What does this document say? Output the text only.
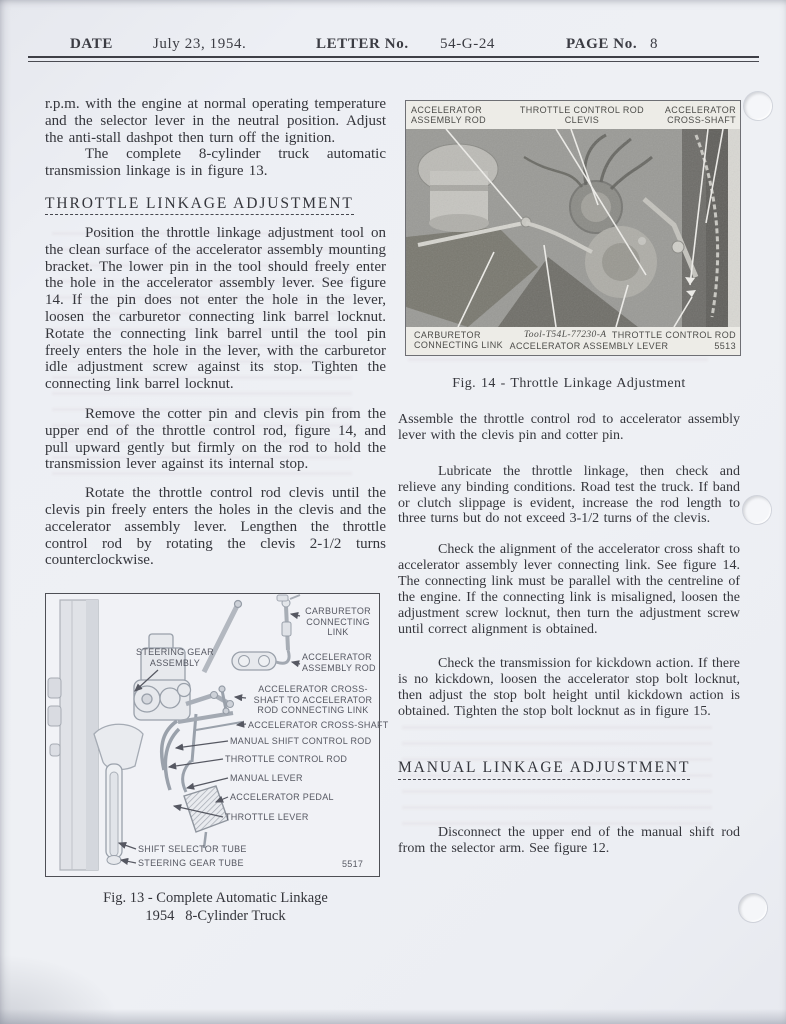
DATE	July 23, 1954.	LETTER No. 54-G-24	PAGE No. 8

r.p.m. with the engine at normal operating temperature and the selector lever in the neutral position. Adjust the anti-stall dashpot then turn off the ignition.

The complete 8-cylinder truck automatic transmission linkage is in figure 13.

THROTTLE LINKAGE ADJUSTMENT

Position the throttle linkage adjustment tool on the clean surface of the accelerator assembly mounting bracket. The lower pin in the tool should freely enter the hole in the accelerator assembly lever. See figure 14. If the pin does not enter the hole in the lever, loosen the carburetor connecting link barrel locknut. Rotate the connecting link barrel until the tool pin freely enters the hole in the lever, with the carburetor idle adjustment screw against its stop. Tighten the connecting link barrel locknut.

Remove the cotter pin and clevis pin from the upper end of the throttle control rod, figure 14, and pull upward gently but firmly on the rod to hold the transmission lever against its internal stop.

Rotate the throttle control rod clevis until the clevis pin freely enters the holes in the clevis and the accelerator assembly lever. Lengthen the throttle control rod by rotating the clevis 2-1/2 turns counterclockwise.

CARBURETOR CONNECTING LINK
STEERING GEAR ASSEMBLY
ACCELERATOR ASSEMBLY ROD
ACCELERATOR CROSS-SHAFT TO ACCELERATOR ROD CONNECTING LINK
ACCELERATOR CROSS-SHAFT
MANUAL SHIFT CONTROL ROD
THROTTLE CONTROL ROD
MANUAL LEVER
ACCELERATOR PEDAL
THROTTLE LEVER
SHIFT SELECTOR TUBE
STEERING GEAR TUBE	5517
Fig. 13 - Complete Automatic Linkage
1954   8-Cylinder Truck
ACCELERATOR ASSEMBLY ROD
THROTTLE CONTROL ROD CLEVIS
ACCELERATOR CROSS-SHAFT
CARBURETOR CONNECTING LINK
Tool-T54L-77230-A
ACCELERATOR ASSEMBLY LEVER
THROTTLE CONTROL ROD
5513

Fig. 14 - Throttle Linkage Adjustment

Assemble the throttle control rod to accelerator assembly lever with the clevis pin and cotter pin.

Lubricate the throttle linkage, then check and relieve any binding conditions. Road test the truck. If band or clutch slippage is evident, increase the rod length to three turns but do not exceed 3-1/2 turns of the clevis.

Check the alignment of the accelerator cross shaft to accelerator assembly lever connecting link. See figure 14. The connecting link must be parallel with the centreline of the engine. If the connecting link is misaligned, loosen the adjustment screw locknut, then turn the adjustment screw until correct alignment is obtained.

Check the transmission for kickdown action. If there is no kickdown, loosen the accelerator stop bolt locknut, then adjust the stop bolt height until kickdown action is obtained. Tighten the stop bolt locknut as in figure 15.

MANUAL LINKAGE ADJUSTMENT

Disconnect the upper end of the manual shift rod from the selector arm. See figure 12.
